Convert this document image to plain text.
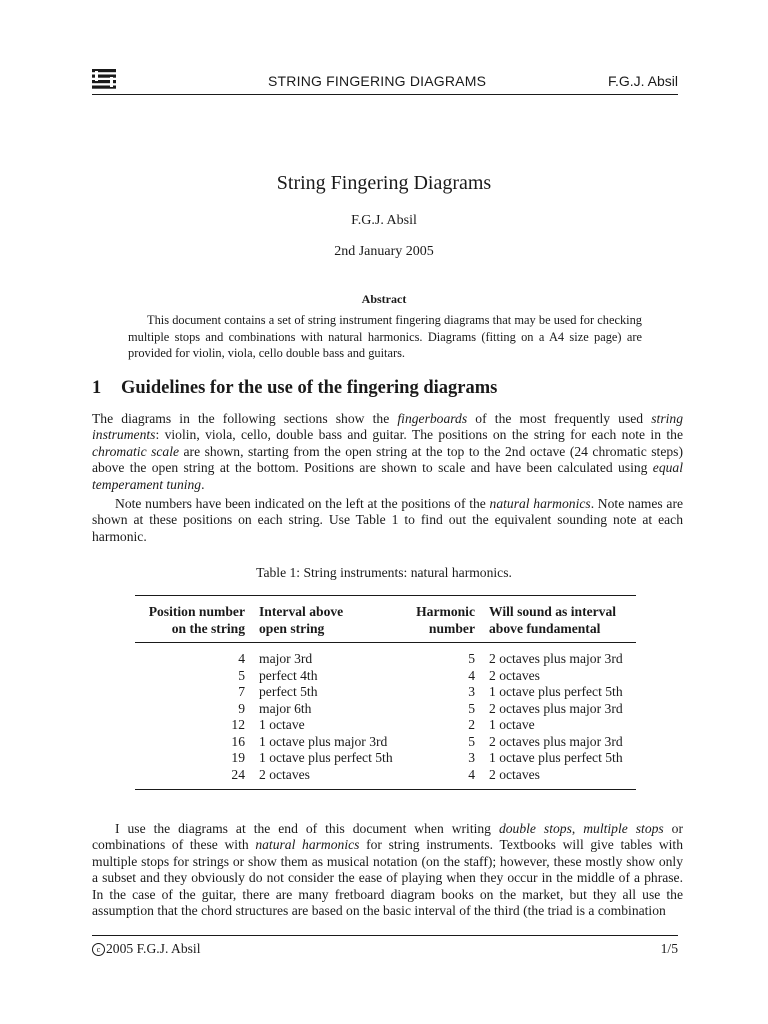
STRING FINGERING DIAGRAMS	F.G.J. Absil
String Fingering Diagrams
F.G.J. Absil
2nd January 2005
Abstract
This document contains a set of string instrument fingering diagrams that may be used for checking multiple stops and combinations with natural harmonics. Diagrams (fitting on a A4 size page) are provided for violin, viola, cello double bass and guitars.
1 Guidelines for the use of the fingering diagrams
The diagrams in the following sections show the fingerboards of the most frequently used string instruments: violin, viola, cello, double bass and guitar. The positions on the string for each note in the chromatic scale are shown, starting from the open string at the top to the 2nd octave (24 chromatic steps) above the open string at the bottom. Positions are shown to scale and have been calculated using equal temperament tuning.
Note numbers have been indicated on the left at the positions of the natural harmonics. Note names are shown at these positions on each string. Use Table 1 to find out the equivalent sounding note at each harmonic.
Table 1: String instruments: natural harmonics.
Position number
on the string
Interval above
open string
Harmonic
number
Will sound as interval
above fundamental
4
5
7
9
12
16
19
24
major 3rd
perfect 4th
perfect 5th
major 6th
1 octave
1 octave plus major 3rd
1 octave plus perfect 5th
2 octaves
5
4
3
5
2
5
3
4
2 octaves plus major 3rd
2 octaves
1 octave plus perfect 5th
2 octaves plus major 3rd
1 octave
2 octaves plus major 3rd
1 octave plus perfect 5th
2 octaves
I use the diagrams at the end of this document when writing double stops, multiple stops or combinations of these with natural harmonics for string instruments. Textbooks will give tables with multiple stops for strings or show them as musical notation (on the staff); however, these mostly show only a subset and they obviously do not consider the ease of playing when they occur in the middle of a phrase. In the case of the guitar, there are many fretboard diagram books on the market, but they all use the assumption that the chord structures are based on the basic interval of the third (the triad is a combination
c 2005 F.G.J. Absil	1/5
